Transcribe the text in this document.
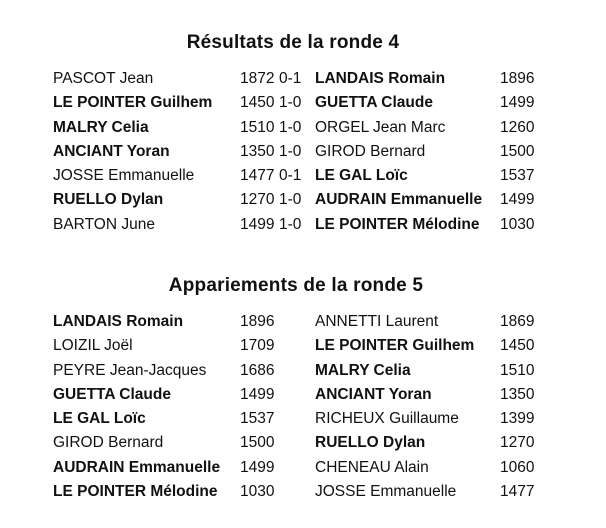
Résultats de la ronde 4
PASCOT Jean	1872 0-1 LANDAIS Romain	1896
LE POINTER Guilhem 1450 1-0 GUETTA Claude	1499
MALRY Celia	1510 1-0 ORGEL Jean Marc	1260
ANCIANT Yoran	1350 1-0 GIROD Bernard	1500
JOSSE Emmanuelle	1477 0-1 LE GAL Loïc	1537
RUELLO Dylan	1270 1-0 AUDRAIN Emmanuelle 1499
BARTON June	1499 1-0 LE POINTER Mélodine 1030
Appariements de la ronde 5
LANDAIS Romain	1896	ANNETTI Laurent	1869
LOIZIL Joël	1709	LE POINTER Guilhem 1450
PEYRE Jean-Jacques 1686	MALRY Celia	1510
GUETTA Claude	1499	ANCIANT Yoran	1350
LE GAL Loïc	1537	RICHEUX Guillaume	1399
GIROD Bernard	1500	RUELLO Dylan	1270
AUDRAIN Emmanuelle 1499	CHENEAU Alain	1060
LE POINTER Mélodine 1030	JOSSE Emmanuelle	1477
